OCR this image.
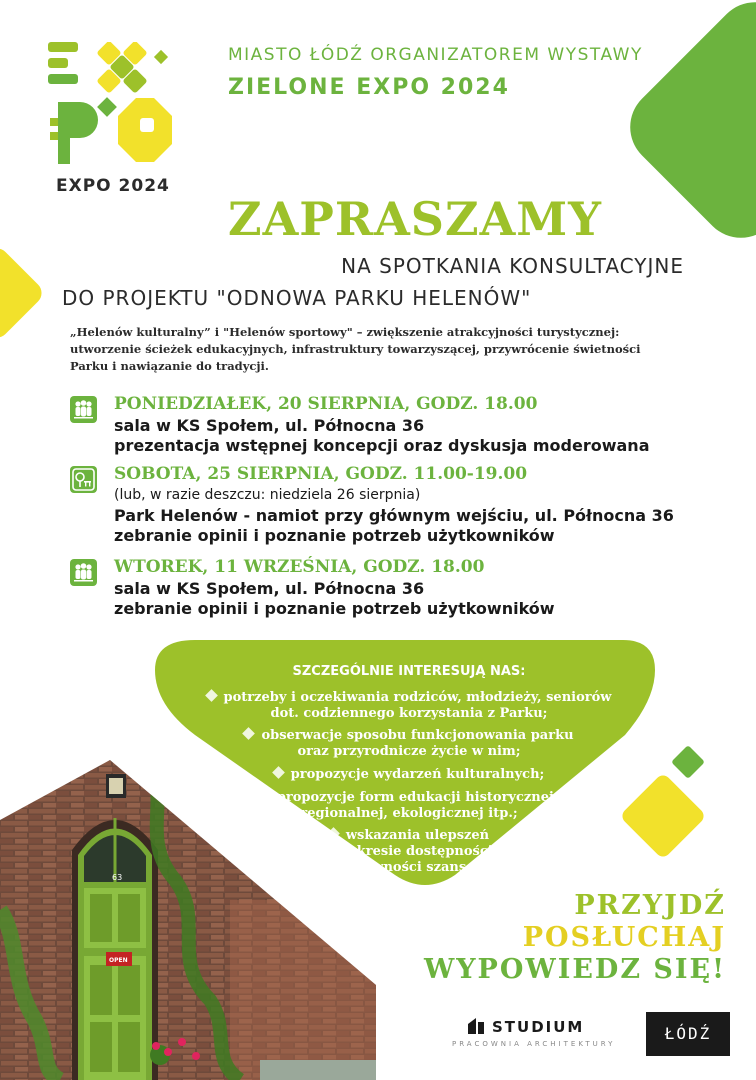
EXPO 2024
MIASTO ŁÓDŹ ORGANIZATOREM WYSTAWY
ZIELONE EXPO 2024
ZAPRASZAMY
NA SPOTKANIA KONSULTACYJNE
DO PROJEKTU "ODNOWA PARKU HELENÓW"
„Helenów kulturalny” i "Helenów sportowy" – zwiększenie atrakcyjności turystycznej:
utworzenie ścieżek edukacyjnych, infrastruktury towarzyszącej, przywrócenie świetności
Parku i nawiązanie do tradycji.
PONIEDZIAŁEK, 20 SIERPNIA, GODZ. 18.00
sala w KS Społem, ul. Północna 36
prezentacja wstępnej koncepcji oraz dyskusja moderowana
SOBOTA, 25 SIERPNIA, GODZ. 11.00-19.00
(lub, w razie deszczu: niedziela 26 sierpnia)
Park Helenów - namiot przy głównym wejściu, ul. Północna 36
zebranie opinii i poznanie potrzeb użytkowników
WTOREK, 11 WRZEŚNIA, GODZ. 18.00
sala w KS Społem, ul. Północna 36
zebranie opinii i poznanie potrzeb użytkowników
SZCZEGÓLNIE INTERESUJĄ NAS:
potrzeby i oczekiwania rodziców, młodzieży, seniorów
dot. codziennego korzystania z Parku;
obserwacje sposobu funkcjonowania parku
oraz przyrodnicze życie w nim;
propozycje wydarzeń kulturalnych;
propozycje form edukacji historycznej,
regionalnej, ekologicznej itp.;
wskazania ulepszeń
w zakresie dostępności
i równości szans.
63
OPEN
PRZYJDŹ
POSŁUCHAJ
WYPOWIEDZ SIĘ!
STUDIUM
PRACOWNIA ARCHITEKTURY
ŁÓDŹ
